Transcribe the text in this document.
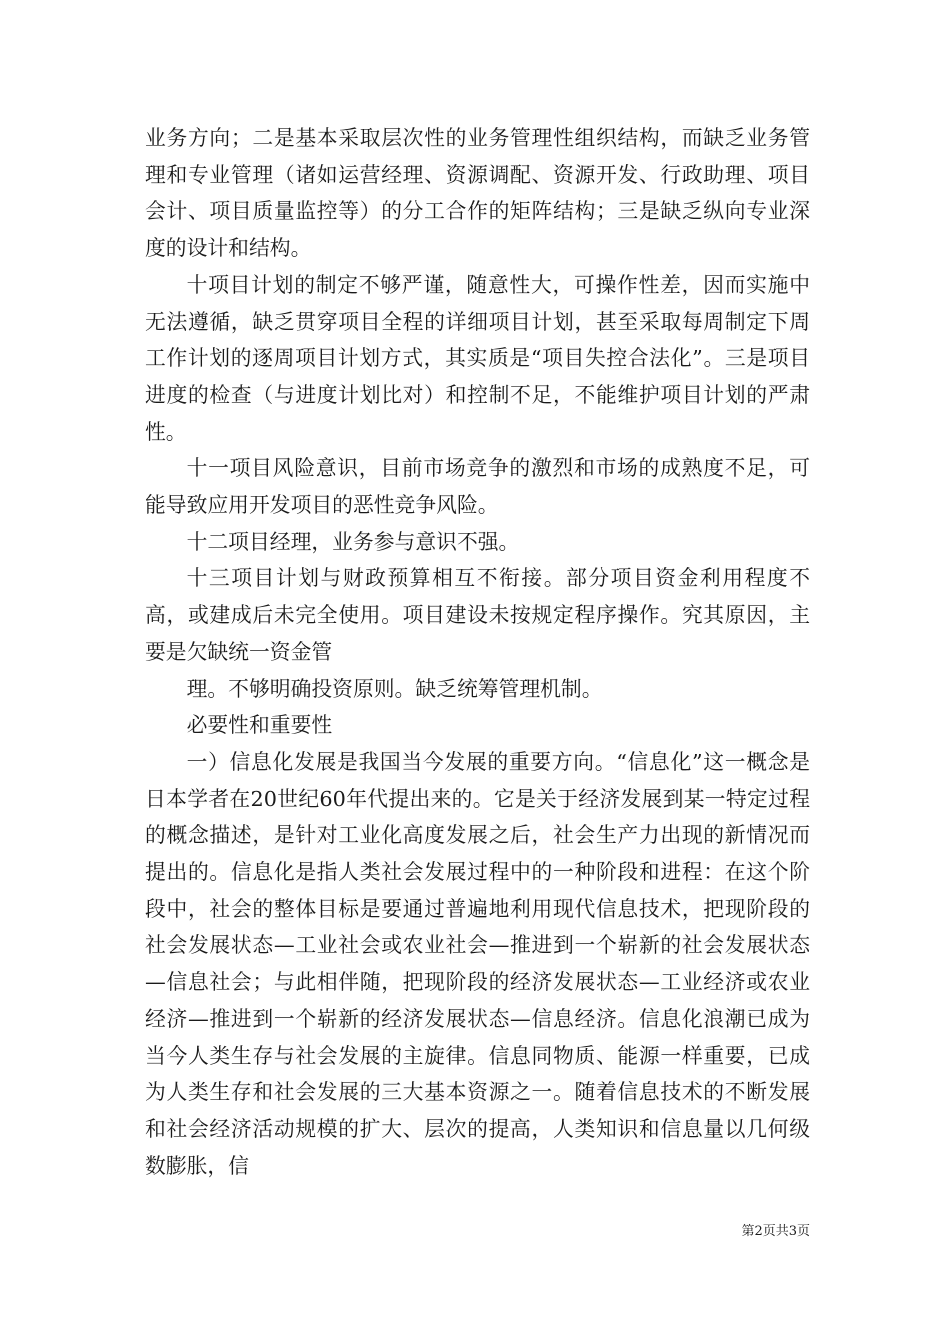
业务方向；二是基本采取层次性的业务管理性组织结构，而缺乏业务管理和专业管理（诸如运营经理、资源调配、资源开发、行政助理、项目会计、项目质量监控等）的分工合作的矩阵结构；三是缺乏纵向专业深度的设计和结构。

十项目计划的制定不够严谨，随意性大，可操作性差，因而实施中无法遵循，缺乏贯穿项目全程的详细项目计划，甚至采取每周制定下周工作计划的逐周项目计划方式，其实质是“项目失控合法化”。三是项目进度的检查（与进度计划比对）和控制不足，不能维护项目计划的严肃性。

十一项目风险意识，目前市场竞争的激烈和市场的成熟度不足，可能导致应用开发项目的恶性竞争风险。

十二项目经理，业务参与意识不强。

十三项目计划与财政预算相互不衔接。部分项目资金利用程度不高，或建成后未完全使用。项目建设未按规定程序操作。究其原因，主要是欠缺统一资金管

理。不够明确投资原则。缺乏统筹管理机制。

必要性和重要性

一）信息化发展是我国当今发展的重要方向。“信息化”这一概念是日本学者在20世纪60年代提出来的。它是关于经济发展到某一特定过程的概念描述，是针对工业化高度发展之后，社会生产力出现的新情况而提出的。信息化是指人类社会发展过程中的一种阶段和进程：在这个阶段中，社会的整体目标是要通过普遍地利用现代信息技术，把现阶段的社会发展状态—工业社会或农业社会—推进到一个崭新的社会发展状态—信息社会；与此相伴随，把现阶段的经济发展状态—工业经济或农业经济—推进到一个崭新的经济发展状态—信息经济。信息化浪潮已成为当今人类生存与社会发展的主旋律。信息同物质、能源一样重要，已成为人类生存和社会发展的三大基本资源之一。随着信息技术的不断发展和社会经济活动规模的扩大、层次的提高，人类知识和信息量以几何级数膨胀，信

第2页共3页
